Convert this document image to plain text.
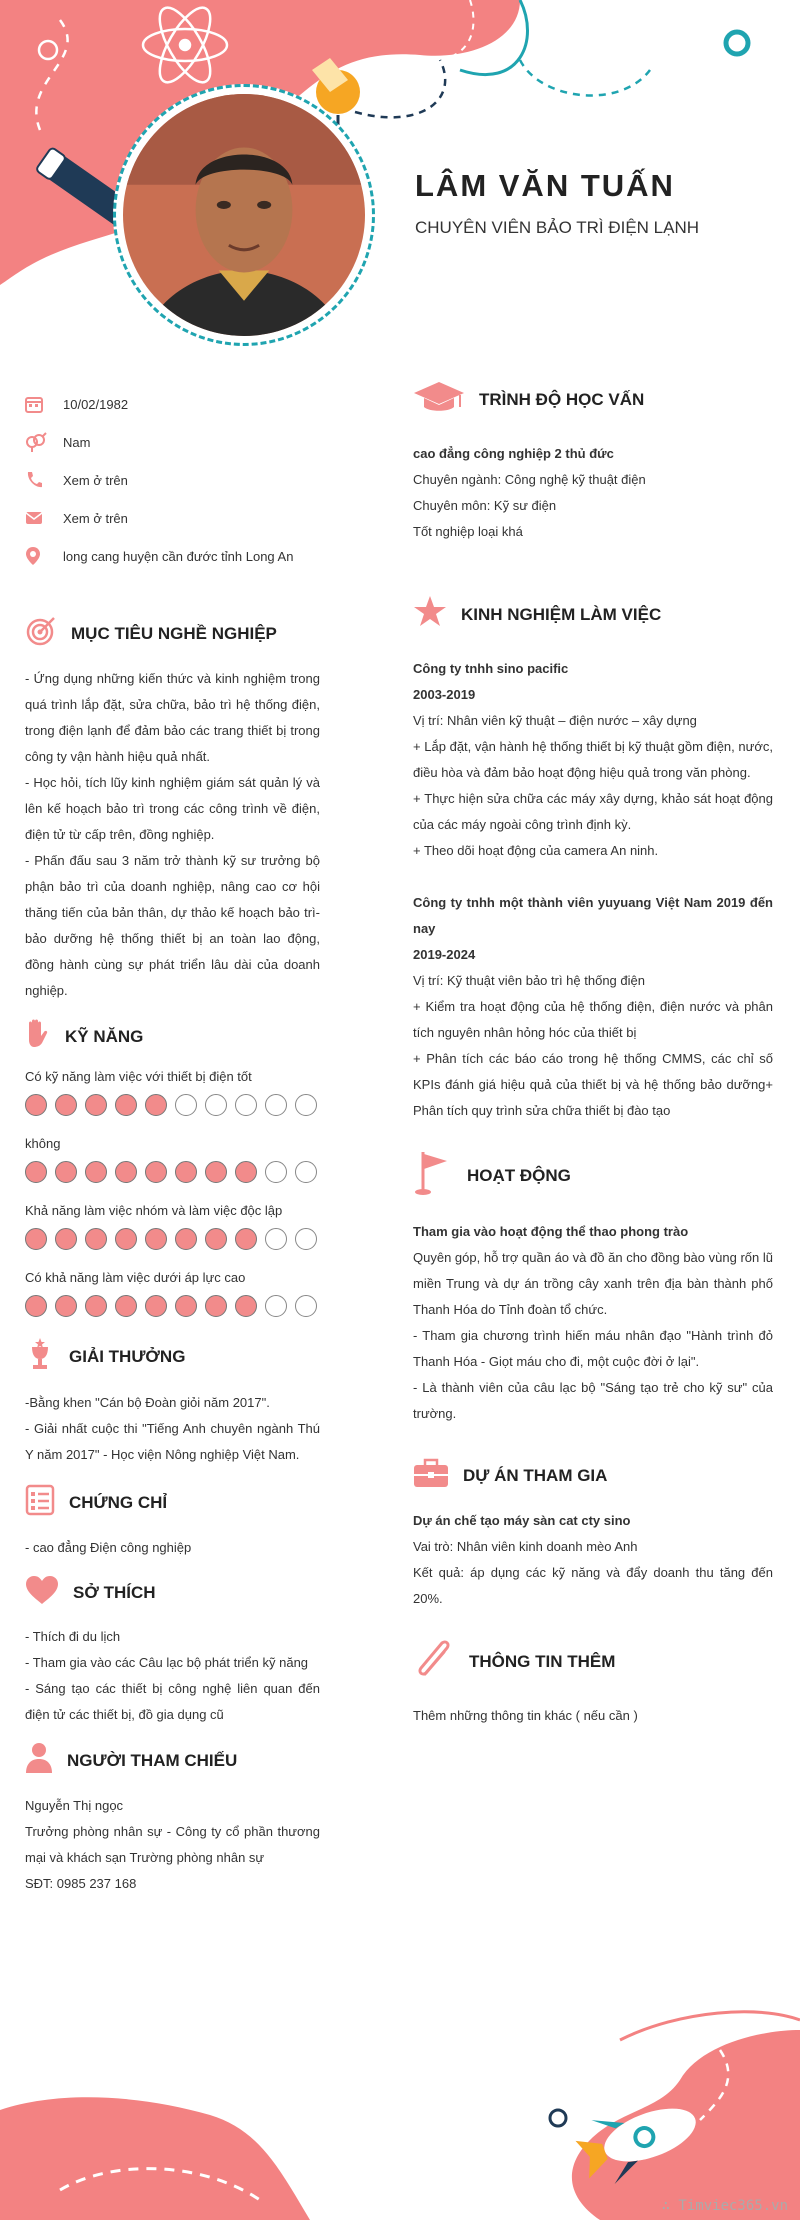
LÂM VĂN TUẤN
CHUYÊN VIÊN BẢO TRÌ ĐIỆN LẠNH
10/02/1982
Nam
Xem ở trên
Xem ở trên
long cang huyện cần đước tỉnh Long An
MỤC TIÊU NGHỀ NGHIỆP

- Ứng dụng những kiến thức và kinh nghiệm trong quá trình lắp đặt, sửa chữa, bảo trì hệ thống điện, trong điện lạnh để đảm bảo các trang thiết bị trong công ty vận hành hiệu quả nhất.

- Học hỏi, tích lũy kinh nghiệm giám sát quản lý và lên kế hoạch bảo trì trong các công trình về điện, điện tử từ cấp trên, đồng nghiệp.

- Phấn đấu sau 3 năm trở thành kỹ sư trưởng bộ phận bảo trì của doanh nghiệp, nâng cao cơ hội thăng tiến của bản thân, dự thảo kế hoạch bảo trì- bảo dưỡng hệ thống thiết bị an toàn lao động, đồng hành cùng sự phát triển lâu dài của doanh nghiệp.

KỸ NĂNG
Có kỹ năng làm việc với thiết bị điện tốt
không
Khả năng làm việc nhóm và làm việc độc lập
Có khả năng làm việc dưới áp lực cao
GIẢI THƯỞNG

-Bằng khen "Cán bộ Đoàn giỏi năm 2017".

- Giải nhất cuộc thi "Tiếng Anh chuyên ngành Thú Y năm 2017" - Học viện Nông nghiệp Việt Nam.

CHỨNG CHỈ

- cao đẳng Điện công nghiệp

SỞ THÍCH

- Thích đi du lịch

- Tham gia vào các Câu lạc bộ phát triển kỹ năng

- Sáng tạo các thiết bị công nghệ liên quan đến điện tử các thiết bị, đồ gia dụng cũ

NGƯỜI THAM CHIẾU

Nguyễn Thị ngọc

Trưởng phòng nhân sự - Công ty cổ phần thương mại và khách sạn Trường phòng nhân sự

SĐT: 0985 237 168

TRÌNH ĐỘ HỌC VẤN

cao đẳng công nghiệp 2 thủ đức

Chuyên ngành: Công nghệ kỹ thuật điện

Chuyên môn: Kỹ sư điện

Tốt nghiệp loại khá

KINH NGHIỆM LÀM VIỆC

Công ty tnhh sino pacific

2003-2019

Vị trí: Nhân viên kỹ thuật – điện nước – xây dựng

+ Lắp đặt, vận hành hệ thống thiết bị kỹ thuật gồm điện, nước, điều hòa và đảm bảo hoạt động hiệu quả trong văn phòng.

+ Thực hiện sửa chữa các máy xây dựng, khảo sát hoạt động của các máy ngoài công trình định kỳ.

+ Theo dõi hoạt động của camera An ninh.

Công ty tnhh một thành viên yuyuang Việt Nam 2019 đến nay

2019-2024

Vị trí: Kỹ thuật viên bảo trì hệ thống điện

+ Kiểm tra hoạt động của hệ thống điện, điện nước và phân tích nguyên nhân hỏng hóc của thiết bị

+ Phân tích các báo cáo trong hệ thống CMMS, các chỉ số KPIs đánh giá hiệu quả của thiết bị và hệ thống bảo dưỡng+ Phân tích quy trình sửa chữa thiết bị đào tạo

HOẠT ĐỘNG

Tham gia vào hoạt động thể thao phong trào

Quyên góp, hỗ trợ quần áo và đồ ăn cho đồng bào vùng rốn lũ miền Trung và dự án trồng cây xanh trên địa bàn thành phố Thanh Hóa do Tỉnh đoàn tổ chức.

- Tham gia chương trình hiến máu nhân đạo "Hành trình đỏ Thanh Hóa - Giọt máu cho đi, một cuộc đời ở lại".

- Là thành viên của câu lạc bộ "Sáng tạo trẻ cho kỹ sư" của trường.

DỰ ÁN THAM GIA

Dự án chế tạo máy sàn cat cty sino

Vai trò: Nhân viên kinh doanh mèo Anh

Kết quả: áp dụng các kỹ năng và đẩy doanh thu tăng đến 20%.

THÔNG TIN THÊM

Thêm những thông tin khác ( nếu cần )

∴ Timviec365.vn
